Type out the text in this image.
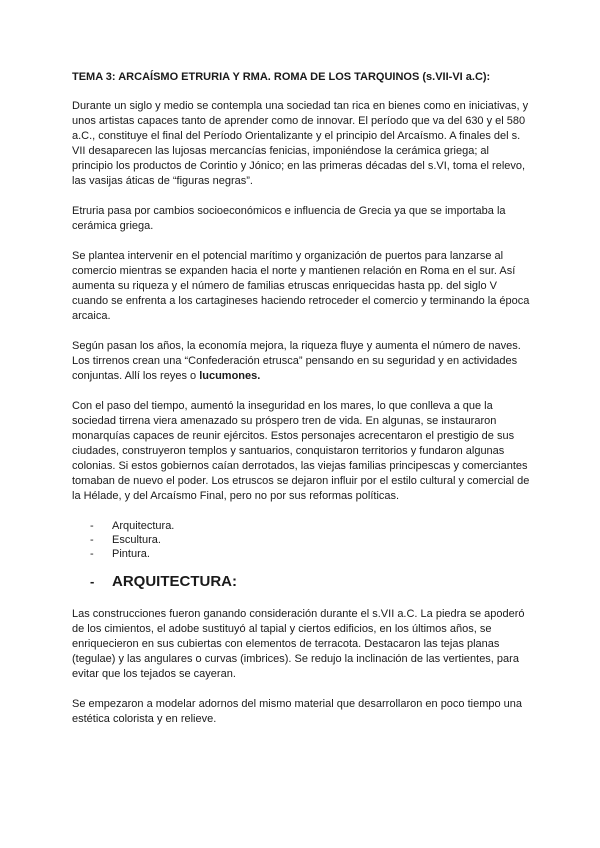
TEMA 3: ARCAÍSMO ETRURIA Y RMA. ROMA DE LOS TARQUINOS (s.VII-VI a.C):

Durante un siglo y medio se contempla una sociedad tan rica en bienes como en iniciativas, y unos artistas capaces tanto de aprender como de innovar. El período que va del 630 y el 580 a.C., constituye el final del Período Orientalizante y el principio del Arcaísmo. A finales del s. VII desaparecen las lujosas mercancías fenicias, imponiéndose la cerámica griega; al principio los productos de Corintio y Jónico; en las primeras décadas del s.VI, toma el relevo, las vasijas áticas de “figuras negras”.

Etruria pasa por cambios socioeconómicos e influencia de Grecia ya que se importaba la cerámica griega.

Se plantea intervenir en el potencial marítimo y organización de puertos para lanzarse al comercio mientras se expanden hacia el norte y mantienen relación en Roma en el sur. Así aumenta su riqueza y el número de familias etruscas enriquecidas hasta pp. del siglo V cuando se enfrenta a los cartagineses haciendo retroceder el comercio y terminando la época arcaica.

Según pasan los años, la economía mejora, la riqueza fluye y aumenta el número de naves. Los tirrenos crean una “Confederación etrusca” pensando en su seguridad y en actividades conjuntas. Allí los reyes o lucumones.

Con el paso del tiempo, aumentó la inseguridad en los mares, lo que conlleva a que la sociedad tirrena viera amenazado su próspero tren de vida. En algunas, se instauraron monarquías capaces de reunir ejércitos. Estos personajes acrecentaron el prestigio de sus ciudades, construyeron templos y santuarios, conquistaron territorios y fundaron algunas colonias. Si estos gobiernos caían derrotados, las viejas familias principescas y comerciantes tomaban de nuevo el poder. Los etruscos se dejaron influir por el estilo cultural y comercial de la Hélade, y del Arcaísmo Final, pero no por sus reformas políticas.

-	Arquitectura.
-	Escultura.
-	Pintura.
-	ARQUITECTURA:

Las construcciones fueron ganando consideración durante el s.VII a.C. La piedra se apoderó de los cimientos, el adobe sustituyó al tapial y ciertos edificios, en los últimos años, se enriquecieron en sus cubiertas con elementos de terracota. Destacaron las tejas planas (tegulae) y las angulares o curvas (imbrices). Se redujo la inclinación de las vertientes, para evitar que los tejados se cayeran.

Se empezaron a modelar adornos del mismo material que desarrollaron en poco tiempo una estética colorista y en relieve.
